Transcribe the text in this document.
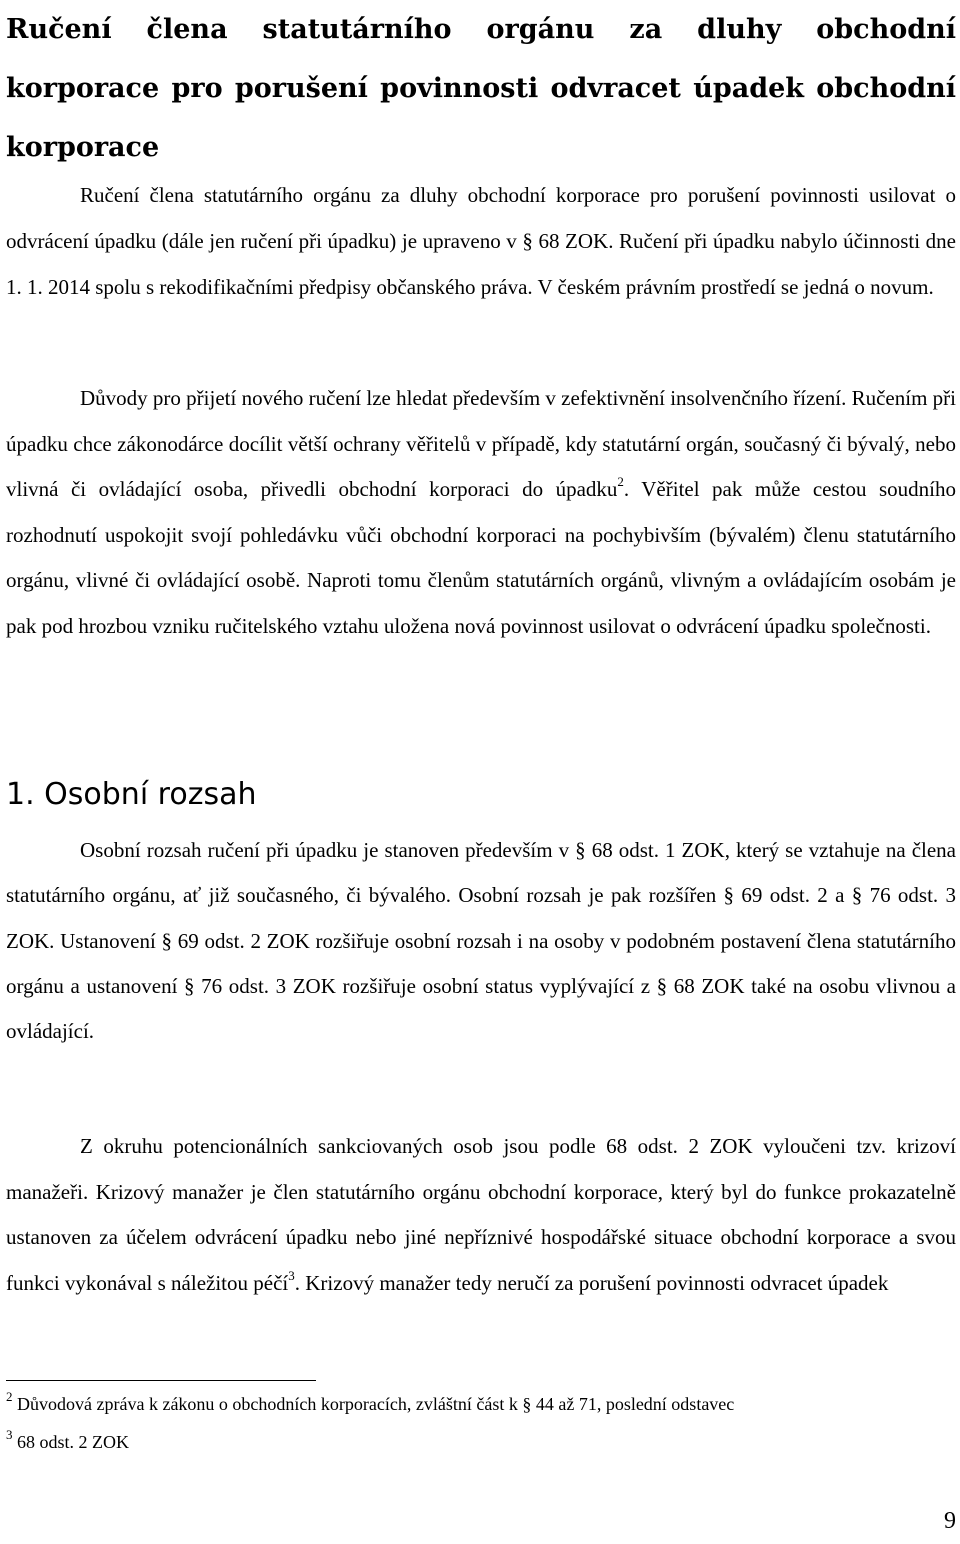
Ručení člena statutárního orgánu za dluhy obchodní korporace pro porušení povinnosti odvracet úpadek obchodní korporace

Ručení člena statutárního orgánu za dluhy obchodní korporace pro porušení povinnosti usilovat o odvrácení úpadku (dále jen ručení při úpadku) je upraveno v § 68 ZOK. Ručení při úpadku nabylo účinnosti dne 1. 1. 2014 spolu s rekodifikačními předpisy občanského práva. V českém právním prostředí se jedná o novum.

Důvody pro přijetí nového ručení lze hledat především v zefektivnění insolvenčního řízení. Ručením při úpadku chce zákonodárce docílit větší ochrany věřitelů v případě, kdy statutární orgán, současný či bývalý, nebo vlivná či ovládající osoba, přivedli obchodní korporaci do úpadku$^2$. Věřitel pak může cestou soudního rozhodnutí uspokojit svojí pohledávku vůči obchodní korporaci na pochybivším (bývalém) členu statutárního orgánu, vlivné či ovládající osobě. Naproti tomu členům statutárních orgánů, vlivným a ovládajícím osobám je pak pod hrozbou vzniku ručitelského vztahu uložena nová povinnost usilovat o odvrácení úpadku společnosti.

1. Osobní rozsah

Osobní rozsah ručení při úpadku je stanoven především v § 68 odst. 1 ZOK, který se vztahuje na člena statutárního orgánu, ať již současného, či bývalého. Osobní rozsah je pak rozšířen § 69 odst. 2 a § 76 odst. 3 ZOK. Ustanovení § 69 odst. 2 ZOK rozšiřuje osobní rozsah i na osoby v podobném postavení člena statutárního orgánu a ustanovení § 76 odst. 3 ZOK rozšiřuje osobní status vyplývající z § 68 ZOK také na osobu vlivnou a ovládající.

Z okruhu potencionálních sankciovaných osob jsou podle 68 odst. 2 ZOK vyloučeni tzv. krizoví manažeři. Krizový manažer je člen statutárního orgánu obchodní korporace, který byl do funkce prokazatelně ustanoven za účelem odvrácení úpadku nebo jiné nepříznivé hospodářské situace obchodní korporace a svou funkci vykonával s náležitou péčí$^3$. Krizový manažer tedy neručí za porušení povinnosti odvracet úpadek

$^2$ Důvodová zpráva k zákonu o obchodních korporacích, zvláštní část k § 44 až 71, poslední odstavec

$^3$ 68 odst. 2 ZOK

9
